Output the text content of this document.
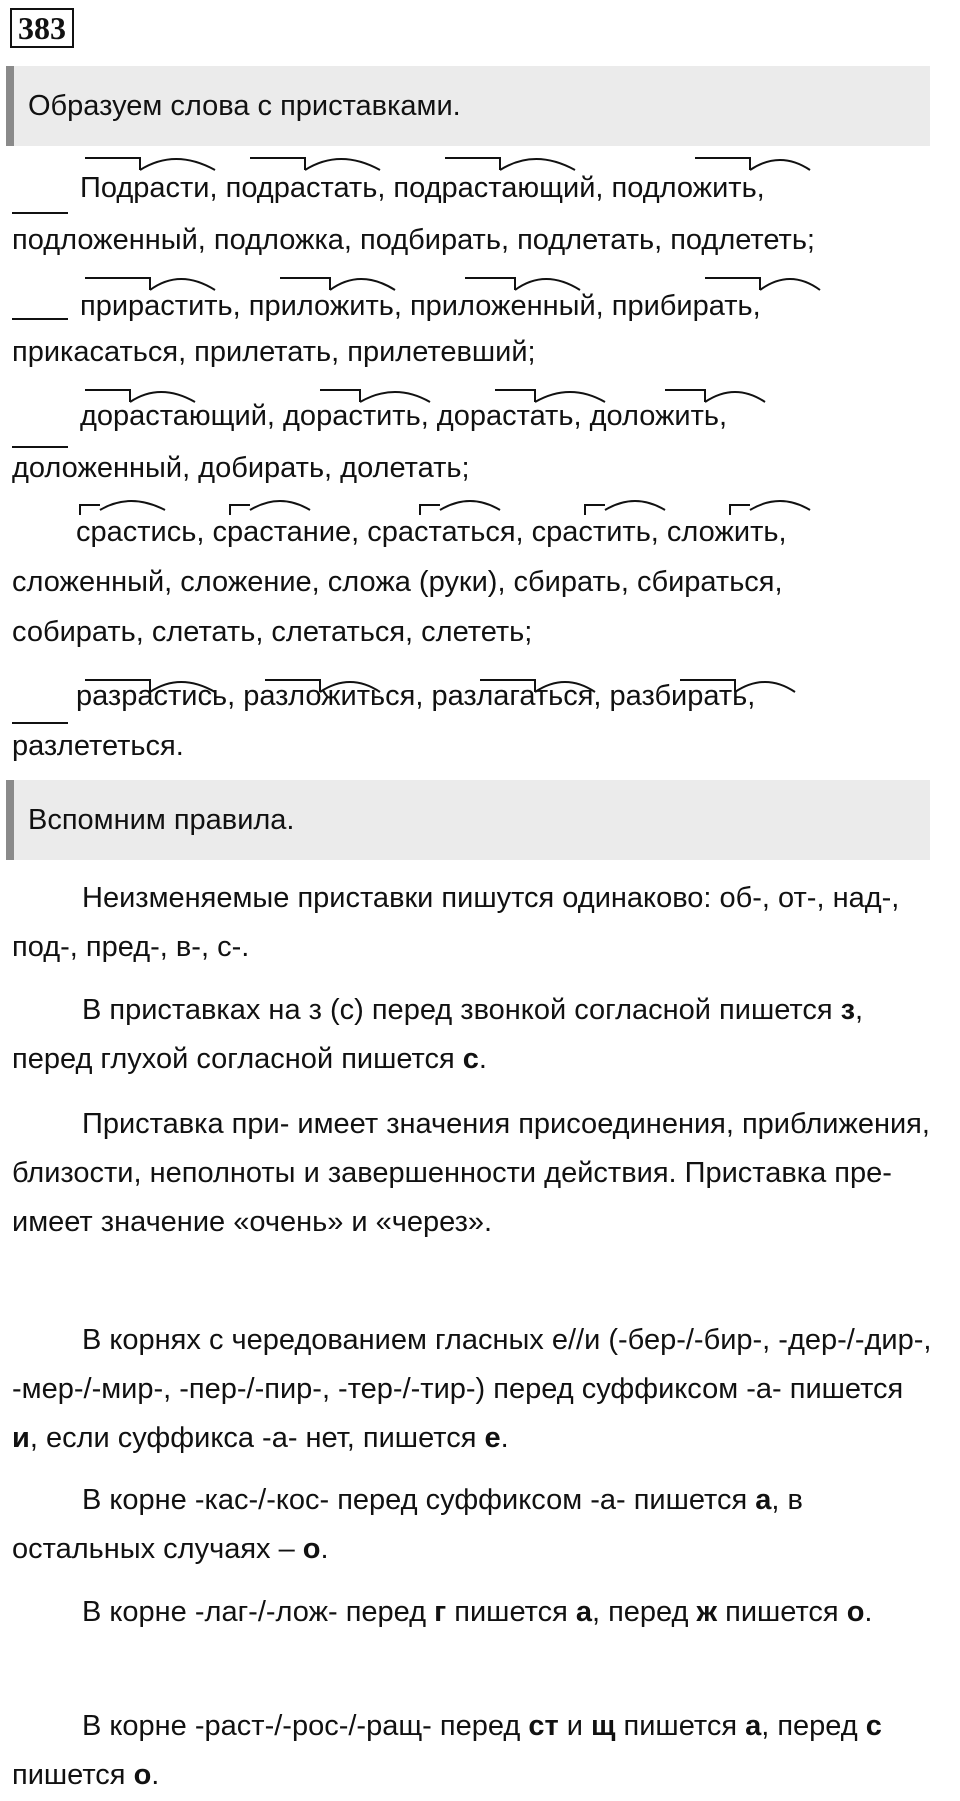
383
Образуем слова с приставками.
Подрасти, подрастать, подрастающий, подложить,
подложенный, подложка, подбирать, подлетать, подлететь;
прирастить, приложить, приложенный, прибирать,
прикасаться, прилетать, прилетевший;
дорастающий, дорастить, дорастать, доложить,
доложенный, добирать, долетать;
срастись, срастание, срастаться, срастить, сложить,
сложенный, сложение, сложа (руки), сбирать, сбираться,
собирать, слетать, слетаться, слететь;
разрастись, разложиться, разлагаться, разбирать,
разлететься.
Вспомним правила.
Неизменяемые приставки пишутся одинаково: об-, от-, над-, под-, пред-, в-, с-.
В приставках на з (с) перед звонкой согласной пишется з, перед глухой согласной пишется с.
Приставка при- имеет значения присоединения, приближения, близости, неполноты и завершенности действия. Приставка пре- имеет значение «очень» и «через».
В корнях с чередованием гласных е//и (-бер-/-бир-, -дер-/-дир-, -мер-/-мир-, -пер-/-пир-, -тер-/-тир-) перед суффиксом -а- пишется и, если суффикса -а- нет, пишется е.
В корне -кас-/-кос- перед суффиксом -а- пишется а, в остальных случаях – о.
В корне -лаг-/-лож- перед г пишется а, перед ж пишется о.
В корне -раст-/-рос-/-ращ- перед ст и щ пишется а, перед с пишется о.
